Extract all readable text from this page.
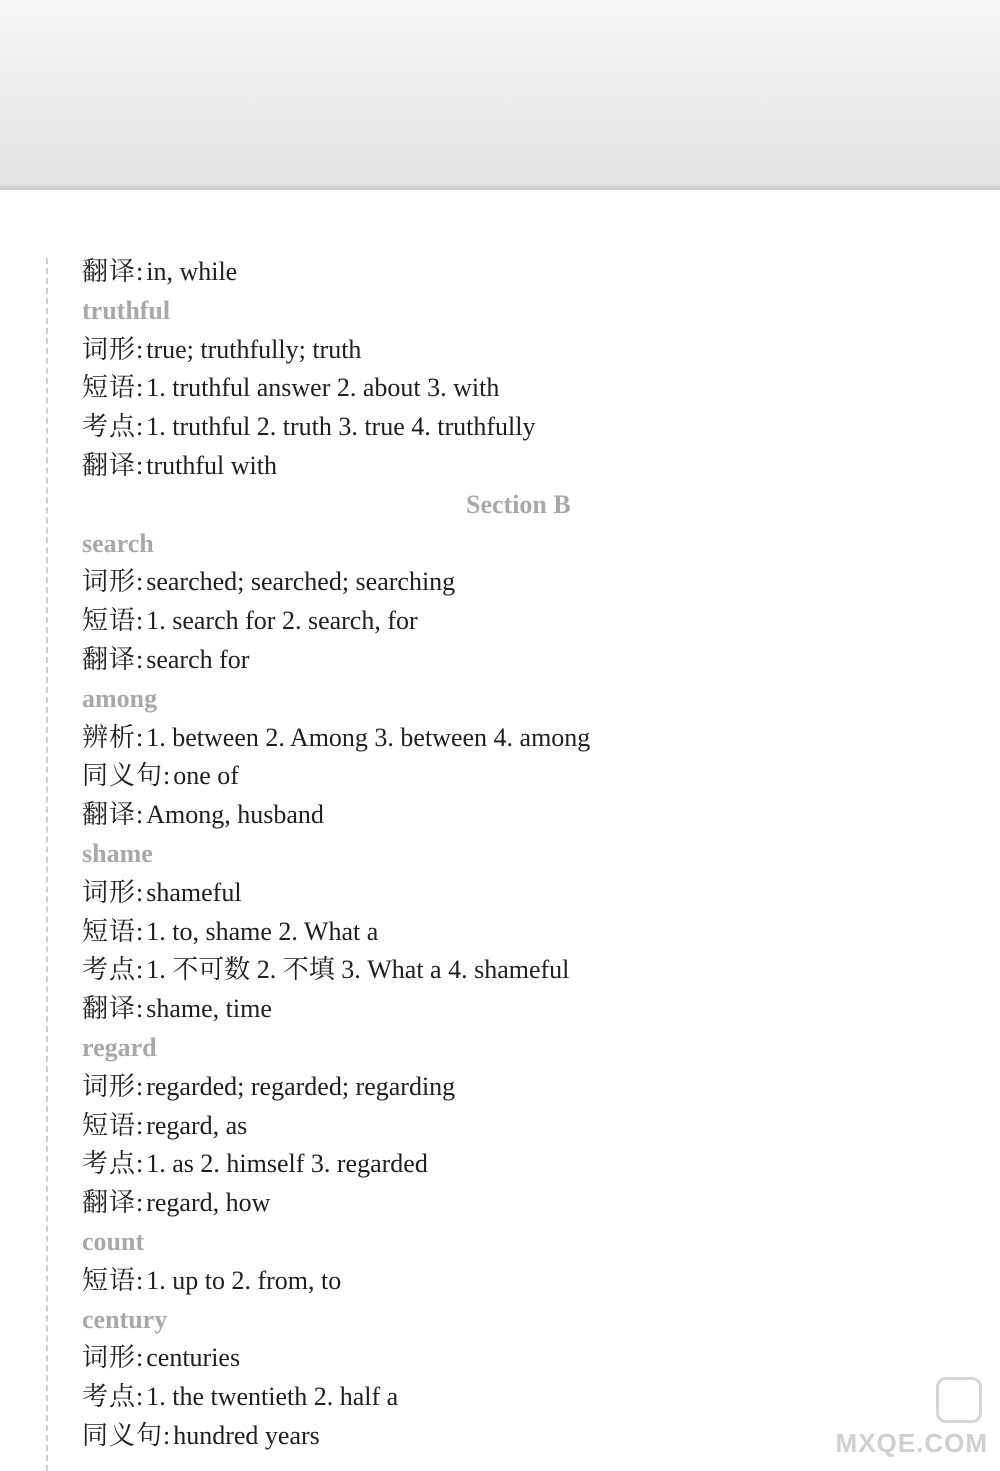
翻译:in, while
truthful
词形:true; truthfully; truth
短语:1. truthful answer 2. about 3. with
考点:1. truthful 2. truth 3. true 4. truthfully
翻译:truthful with
Section B
search
词形:searched; searched; searching
短语:1. search for 2. search, for
翻译:search for
among
辨析:1. between 2. Among 3. between 4. among
同义句:one of
翻译:Among, husband
shame
词形:shameful
短语:1. to, shame 2. What a
考点:1. 不可数 2. 不填 3. What a 4. shameful
翻译:shame, time
regard
词形:regarded; regarded; regarding
短语:regard, as
考点:1. as 2. himself 3. regarded
翻译:regard, how
count
短语:1. up to 2. from, to
century
词形:centuries
考点:1. the twentieth 2. half a
同义句:hundred years	MXQE.COM
